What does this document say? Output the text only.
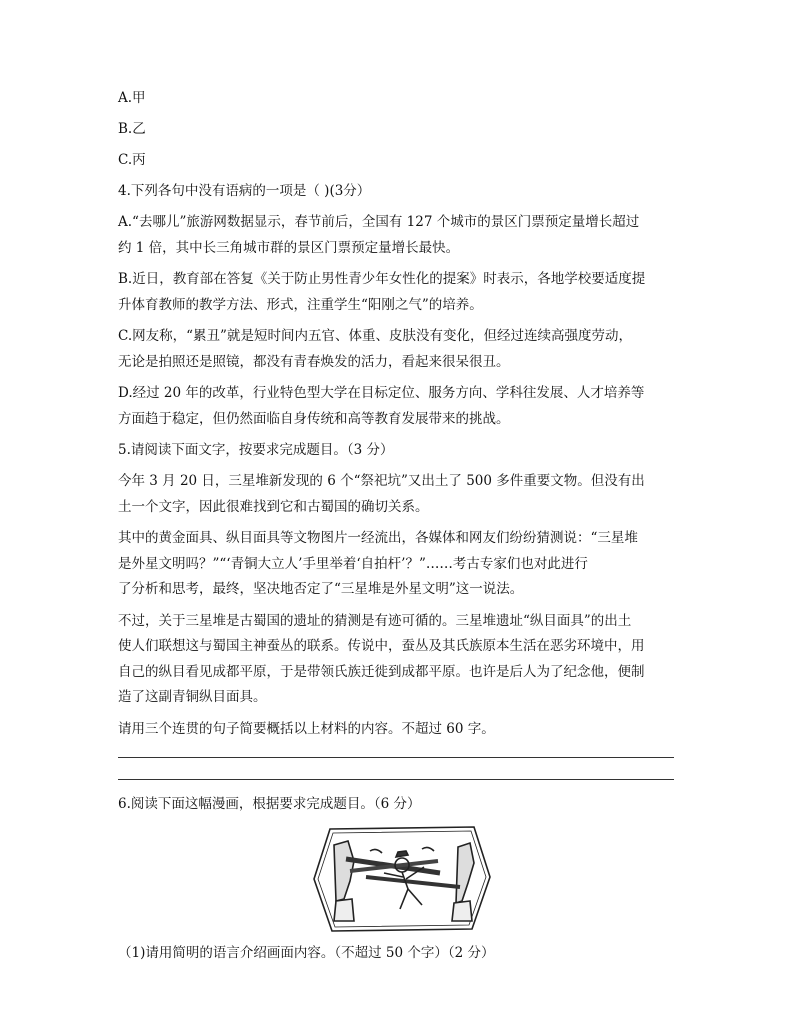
A.甲

B.乙

C.丙

4.下列各句中没有语病的一项是（ )(3分）

A.“去哪儿”旅游网数据显示，春节前后，全国有 127 个城市的景区门票预定量增长超过
约 1 倍，其中长三角城市群的景区门票预定量增长最快。

B.近日，教育部在答复《关于防止男性青少年女性化的提案》时表示，各地学校要适度提
升体育教师的教学方法、形式，注重学生“阳刚之气”的培养。

C.网友称，“累丑”就是短时间内五官、体重、皮肤没有变化，但经过连续高强度劳动，
无论是拍照还是照镜，都没有青春焕发的活力，看起来很呆很丑。

D.经过 20 年的改革，行业特色型大学在目标定位、服务方向、学科往发展、人才培养等
方面趋于稳定，但仍然面临自身传统和高等教育发展带来的挑战。

5.请阅读下面文字，按要求完成题目。（3 分）

今年 3 月 20 日，三星堆新发现的 6 个“祭祀坑”又出土了 500 多件重要文物。但没有出
土一个文字，因此很难找到它和古蜀国的确切关系。

其中的黄金面具、纵目面具等文物图片一经流出，各媒体和网友们纷纷猜测说：“三星堆
是外星文明吗？”“‘青铜大立人’手里举着‘自拍杆’？”……考古专家们也对此进行
了分析和思考，最终，坚决地否定了“三星堆是外星文明”这一说法。

不过，关于三星堆是古蜀国的遗址的猜测是有迹可循的。三星堆遗址“纵目面具”的出土
使人们联想这与蜀国主神蚕丛的联系。传说中，蚕丛及其氏族原本生活在恶劣环境中，用
自己的纵目看见成都平原，于是带领氏族迁徙到成都平原。也许是后人为了纪念他，便制
造了这副青铜纵目面具。

请用三个连贯的句子简要概括以上材料的内容。不超过 60 字。

6.阅读下面这幅漫画，根据要求完成题目。（6 分）

（1)请用简明的语言介绍画面内容。（不超过 50 个字）（2 分）
